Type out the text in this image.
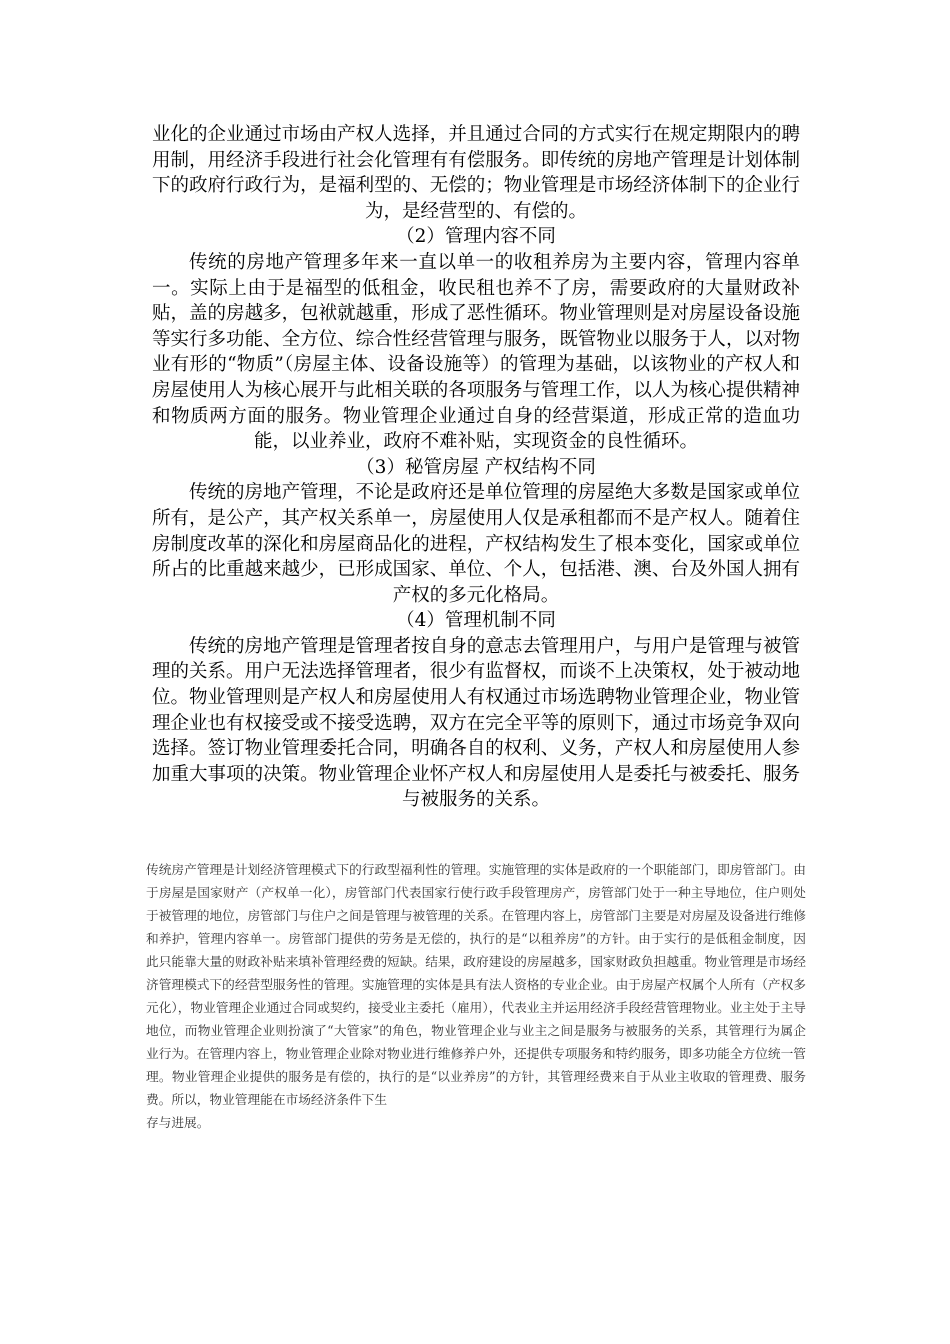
业化的企业通过市场由产权人选择，并且通过合同的方式实行在规定期限内的聘用制，用经济手段进行社会化管理有有偿服务。即传统的房地产管理是计划体制下的政府行政行为，是福利型的、无偿的；物业管理是市场经济体制下的企业行为，是经营型的、有偿的。

（2）管理内容不同

传统的房地产管理多年来一直以单一的收租养房为主要内容，管理内容单一。实际上由于是福型的低租金，收民租也养不了房，需要政府的大量财政补贴，盖的房越多，包袱就越重，形成了恶性循环。物业管理则是对房屋设备设施等实行多功能、全方位、综合性经营管理与服务，既管物业以服务于人，以对物业有形的“物质”（房屋主体、设备设施等）的管理为基础，以该物业的产权人和房屋使用人为核心展开与此相关联的各项服务与管理工作，以人为核心提供精神和物质两方面的服务。物业管理企业通过自身的经营渠道，形成正常的造血功能，以业养业，政府不难补贴，实现资金的良性循环。

（3）秘管房屋 产权结构不同

传统的房地产管理，不论是政府还是单位管理的房屋绝大多数是国家或单位所有，是公产，其产权关系单一，房屋使用人仅是承租都而不是产权人。随着住房制度改革的深化和房屋商品化的进程，产权结构发生了根本变化，国家或单位所占的比重越来越少，已形成国家、单位、个人，包括港、澳、台及外国人拥有产权的多元化格局。

（4）管理机制不同

传统的房地产管理是管理者按自身的意志去管理用户，与用户是管理与被管理的关系。用户无法选择管理者，很少有监督权，而谈不上决策权，处于被动地位。物业管理则是产权人和房屋使用人有权通过市场选聘物业管理企业，物业管理企业也有权接受或不接受选聘，双方在完全平等的原则下，通过市场竞争双向选择。签订物业管理委托合同，明确各自的权利、义务，产权人和房屋使用人参加重大事项的决策。物业管理企业怀产权人和房屋使用人是委托与被委托、服务与被服务的关系。

传统房产管理是计划经济管理模式下的行政型福利性的管理。实施管理的实体是政府的一个职能部门，即房管部门。由于房屋是国家财产（产权单一化），房管部门代表国家行使行政手段管理房产，房管部门处于一种主导地位，住户则处于被管理的地位，房管部门与住户之间是管理与被管理的关系。在管理内容上，房管部门主要是对房屋及设备进行维修和养护，管理内容单一。房管部门提供的劳务是无偿的，执行的是“以租养房”的方针。由于实行的是低租金制度，因此只能靠大量的财政补贴来填补管理经费的短缺。结果，政府建设的房屋越多，国家财政负担越重。物业管理是市场经济管理模式下的经营型服务性的管理。实施管理的实体是具有法人资格的专业企业。由于房屋产权属个人所有（产权多元化），物业管理企业通过合同或契约，接受业主委托（雇用），代表业主并运用经济手段经营管理物业。业主处于主导地位，而物业管理企业则扮演了“大管家”的角色，物业管理企业与业主之间是服务与被服务的关系，其管理行为属企业行为。在管理内容上，物业管理企业除对物业进行维修养户外，还提供专项服务和特约服务，即多功能全方位统一管理。物业管理企业提供的服务是有偿的，执行的是“以业养房”的方针，其管理经费来自于从业主收取的管理费、服务费。所以，物业管理能在市场经济条件下生

存与进展。
